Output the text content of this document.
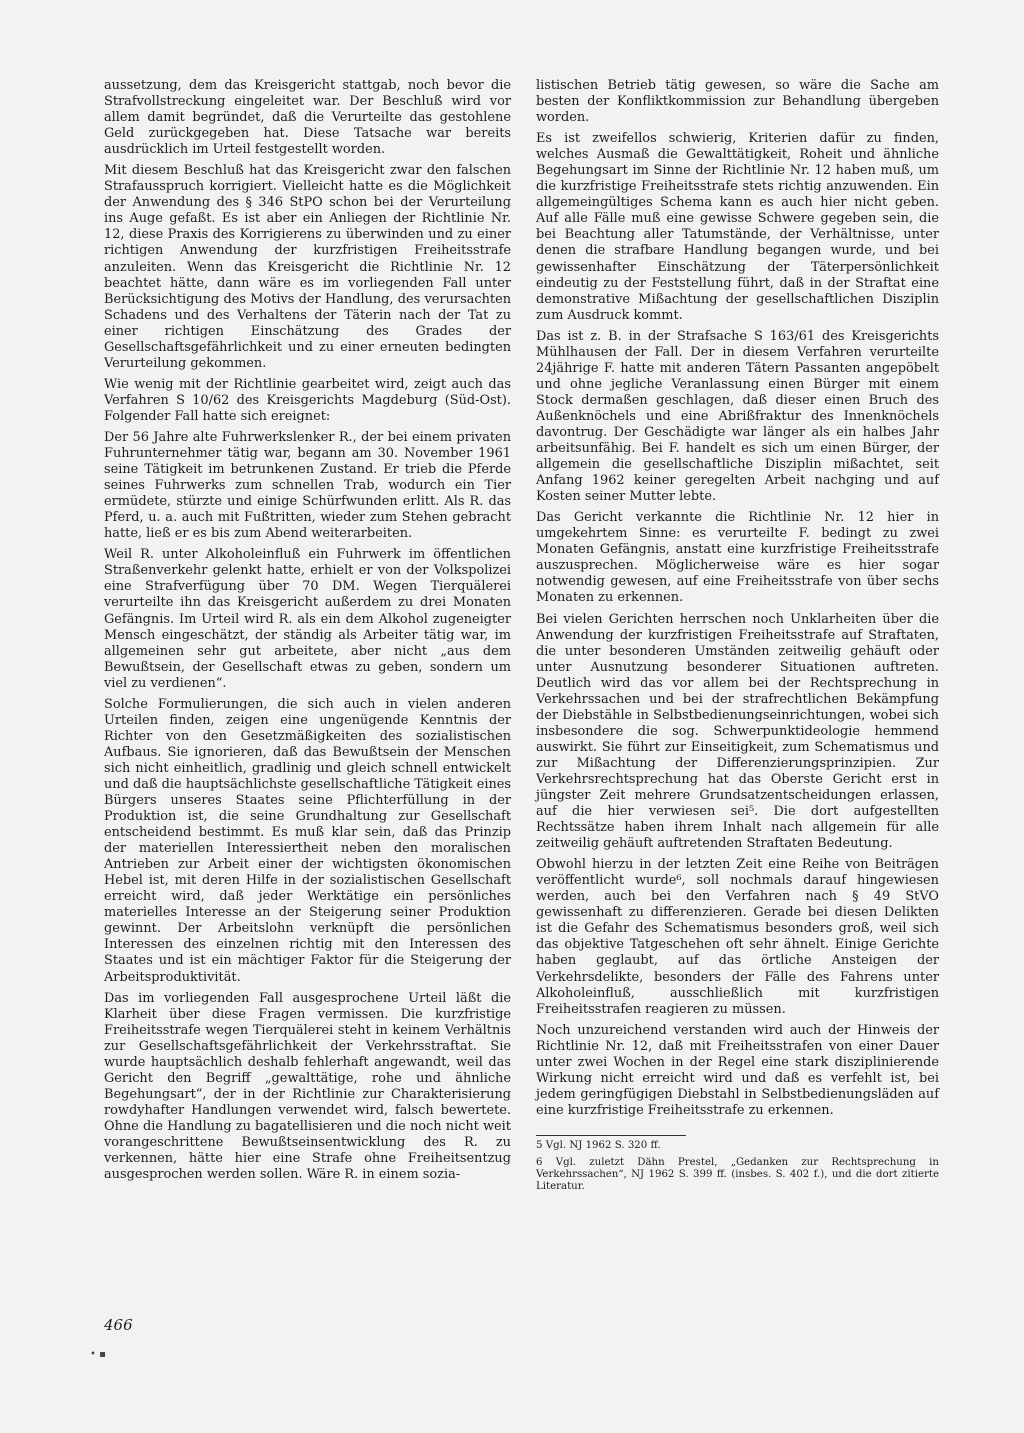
aussetzung, dem das Kreisgericht stattgab, noch bevor die Strafvollstreckung eingeleitet war. Der Beschluß wird vor allem damit begründet, daß die Verurteilte das gestohlene Geld zurückgegeben hat. Diese Tatsache war bereits ausdrücklich im Urteil festgestellt worden.

Mit diesem Beschluß hat das Kreisgericht zwar den falschen Strafausspruch korrigiert. Vielleicht hatte es die Möglichkeit der Anwendung des § 346 StPO schon bei der Verurteilung ins Auge gefaßt. Es ist aber ein Anliegen der Richtlinie Nr. 12, diese Praxis des Korrigierens zu überwinden und zu einer richtigen Anwendung der kurzfristigen Freiheitsstrafe anzuleiten. Wenn das Kreisgericht die Richtlinie Nr. 12 beachtet hätte, dann wäre es im vorliegenden Fall unter Berücksichtigung des Motivs der Handlung, des verursachten Schadens und des Verhaltens der Täterin nach der Tat zu einer richtigen Einschätzung des Grades der Gesellschaftsgefährlichkeit und zu einer erneuten bedingten Verurteilung gekommen.

Wie wenig mit der Richtlinie gearbeitet wird, zeigt auch das Verfahren S 10/62 des Kreisgerichts Magdeburg (Süd-Ost). Folgender Fall hatte sich ereignet:

Der 56 Jahre alte Fuhrwerkslenker R., der bei einem privaten Fuhrunternehmer tätig war, begann am 30. November 1961 seine Tätigkeit im betrunkenen Zustand. Er trieb die Pferde seines Fuhrwerks zum schnellen Trab, wodurch ein Tier ermüdete, stürzte und einige Schürfwunden erlitt. Als R. das Pferd, u. a. auch mit Fußtritten, wieder zum Stehen gebracht hatte, ließ er es bis zum Abend weiterarbeiten.

Weil R. unter Alkoholeinfluß ein Fuhrwerk im öffentlichen Straßenverkehr gelenkt hatte, erhielt er von der Volkspolizei eine Strafverfügung über 70 DM. Wegen Tierquälerei verurteilte ihn das Kreisgericht außerdem zu drei Monaten Gefängnis. Im Urteil wird R. als ein dem Alkohol zugeneigter Mensch eingeschätzt, der ständig als Arbeiter tätig war, im allgemeinen sehr gut arbeitete, aber nicht „aus dem Bewußtsein, der Gesellschaft etwas zu geben, sondern um viel zu verdienen“.

Solche Formulierungen, die sich auch in vielen anderen Urteilen finden, zeigen eine ungenügende Kenntnis der Richter von den Gesetzmäßigkeiten des sozialistischen Aufbaus. Sie ignorieren, daß das Bewußtsein der Menschen sich nicht einheitlich, gradlinig und gleich schnell entwickelt und daß die hauptsächlichste gesellschaftliche Tätigkeit eines Bürgers unseres Staates seine Pflichterfüllung in der Produktion ist, die seine Grundhaltung zur Gesellschaft entscheidend bestimmt. Es muß klar sein, daß das Prinzip der materiellen Interessiertheit neben den moralischen Antrieben zur Arbeit einer der wichtigsten ökonomischen Hebel ist, mit deren Hilfe in der sozialistischen Gesellschaft erreicht wird, daß jeder Werktätige ein persönliches materielles Interesse an der Steigerung seiner Produktion gewinnt. Der Arbeitslohn verknüpft die persönlichen Interessen des einzelnen richtig mit den Interessen des Staates und ist ein mächtiger Faktor für die Steigerung der Arbeitsproduktivität.

Das im vorliegenden Fall ausgesprochene Urteil läßt die Klarheit über diese Fragen vermissen. Die kurzfristige Freiheitsstrafe wegen Tierquälerei steht in keinem Verhältnis zur Gesellschaftsgefährlichkeit der Verkehrsstraftat. Sie wurde hauptsächlich deshalb fehlerhaft angewandt, weil das Gericht den Begriff „gewalttätige, rohe und ähnliche Begehungsart“, der in der Richtlinie zur Charakterisierung rowdyhafter Handlungen verwendet wird, falsch bewertete. Ohne die Handlung zu bagatellisieren und die noch nicht weit vorangeschrittene Bewußtseinsentwicklung des R. zu verkennen, hätte hier eine Strafe ohne Freiheitsentzug ausgesprochen werden sollen. Wäre R. in einem sozia-

listischen Betrieb tätig gewesen, so wäre die Sache am besten der Konfliktkommission zur Behandlung übergeben worden.

Es ist zweifellos schwierig, Kriterien dafür zu finden, welches Ausmaß die Gewalttätigkeit, Roheit und ähnliche Begehungsart im Sinne der Richtlinie Nr. 12 haben muß, um die kurzfristige Freiheitsstrafe stets richtig anzuwenden. Ein allgemeingültiges Schema kann es auch hier nicht geben. Auf alle Fälle muß eine gewisse Schwere gegeben sein, die bei Beachtung aller Tatumstände, der Verhältnisse, unter denen die strafbare Handlung begangen wurde, und bei gewissenhafter Einschätzung der Täterpersönlichkeit eindeutig zu der Feststellung führt, daß in der Straftat eine demonstrative Mißachtung der gesellschaftlichen Disziplin zum Ausdruck kommt.

Das ist z. B. in der Strafsache S 163/61 des Kreisgerichts Mühlhausen der Fall. Der in diesem Verfahren verurteilte 24jährige F. hatte mit anderen Tätern Passanten angepöbelt und ohne jegliche Veranlassung einen Bürger mit einem Stock dermaßen geschlagen, daß dieser einen Bruch des Außenknöchels und eine Abrißfraktur des Innenknöchels davontrug. Der Geschädigte war länger als ein halbes Jahr arbeitsunfähig. Bei F. handelt es sich um einen Bürger, der allgemein die gesellschaftliche Disziplin mißachtet, seit Anfang 1962 keiner geregelten Arbeit nachging und auf Kosten seiner Mutter lebte.

Das Gericht verkannte die Richtlinie Nr. 12 hier in umgekehrtem Sinne: es verurteilte F. bedingt zu zwei Monaten Gefängnis, anstatt eine kurzfristige Freiheitsstrafe auszusprechen. Möglicherweise wäre es hier sogar notwendig gewesen, auf eine Freiheitsstrafe von über sechs Monaten zu erkennen.

Bei vielen Gerichten herrschen noch Unklarheiten über die Anwendung der kurzfristigen Freiheitsstrafe auf Straftaten, die unter besonderen Umständen zeitweilig gehäuft oder unter Ausnutzung besonderer Situationen auftreten. Deutlich wird das vor allem bei der Rechtsprechung in Verkehrssachen und bei der strafrechtlichen Bekämpfung der Diebstähle in Selbstbedienungseinrichtungen, wobei sich insbesondere die sog. Schwerpunktideologie hemmend auswirkt. Sie führt zur Einseitigkeit, zum Schematismus und zur Mißachtung der Differenzierungsprinzipien. Zur Verkehrsrechtsprechung hat das Oberste Gericht erst in jüngster Zeit mehrere Grundsatzentscheidungen erlassen, auf die hier verwiesen sei⁵. Die dort aufgestellten Rechtssätze haben ihrem Inhalt nach allgemein für alle zeitweilig gehäuft auftretenden Straftaten Bedeutung.

Obwohl hierzu in der letzten Zeit eine Reihe von Beiträgen veröffentlicht wurde⁶, soll nochmals darauf hingewiesen werden, auch bei den Verfahren nach § 49 StVO gewissenhaft zu differenzieren. Gerade bei diesen Delikten ist die Gefahr des Schematismus besonders groß, weil sich das objektive Tatgeschehen oft sehr ähnelt. Einige Gerichte haben geglaubt, auf das örtliche Ansteigen der Verkehrsdelikte, besonders der Fälle des Fahrens unter Alkoholeinfluß, ausschließlich mit kurzfristigen Freiheitsstrafen reagieren zu müssen.

Noch unzureichend verstanden wird auch der Hinweis der Richtlinie Nr. 12, daß mit Freiheitsstrafen von einer Dauer unter zwei Wochen in der Regel eine stark disziplinierende Wirkung nicht erreicht wird und daß es verfehlt ist, bei jedem geringfügigen Diebstahl in Selbstbedienungsläden auf eine kurzfristige Freiheitsstrafe zu erkennen.

5 Vgl. NJ 1962 S. 320 ff.

6 Vgl. zuletzt Dähn Prestel, „Gedanken zur Rechtsprechung in Verkehrssachen“, NJ 1962 S. 399 ff. (insbes. S. 402 f.), und die dort zitierte Literatur.

466
• ▪
